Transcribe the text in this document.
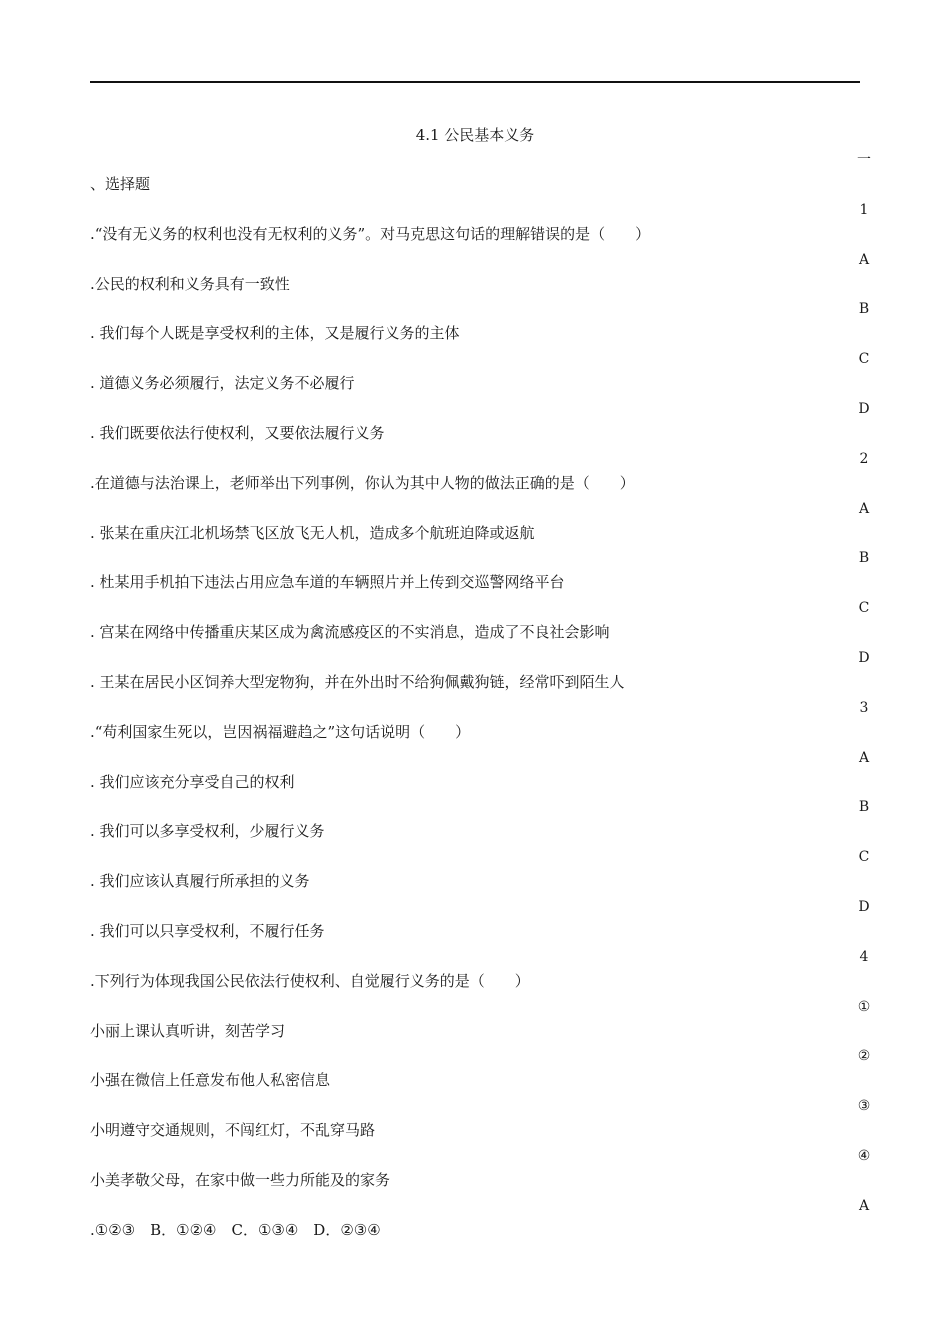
4.1 公民基本义务
、选择题
.“没有无义务的权利也没有无权利的义务”。对马克思这句话的理解错误的是（　　）
.公民的权利和义务具有一致性
. 我们每个人既是享受权利的主体，又是履行义务的主体
. 道德义务必须履行，法定义务不必履行
. 我们既要依法行使权利，又要依法履行义务
.在道德与法治课上，老师举出下列事例，你认为其中人物的做法正确的是（　　）
. 张某在重庆江北机场禁飞区放飞无人机，造成多个航班迫降或返航
. 杜某用手机拍下违法占用应急车道的车辆照片并上传到交巡警网络平台
. 宫某在网络中传播重庆某区成为禽流感疫区的不实消息，造成了不良社会影响
. 王某在居民小区饲养大型宠物狗，并在外出时不给狗佩戴狗链，经常吓到陌生人
.“苟利国家生死以，岂因祸福避趋之”这句话说明（　　）
. 我们应该充分享受自己的权利
. 我们可以多享受权利，少履行义务
. 我们应该认真履行所承担的义务
. 我们可以只享受权利，不履行任务
.下列行为体现我国公民依法行使权利、自觉履行义务的是（　　）
小丽上课认真听讲，刻苦学习
小强在微信上任意发布他人私密信息
小明遵守交通规则，不闯红灯，不乱穿马路
小美孝敬父母，在家中做一些力所能及的家务
.①②③　B．①②④　C．①③④　D．②③④
一
1
A
B
C
D
2
A
B
C
D
3
A
B
C
D
4
①
②
③
④
A
